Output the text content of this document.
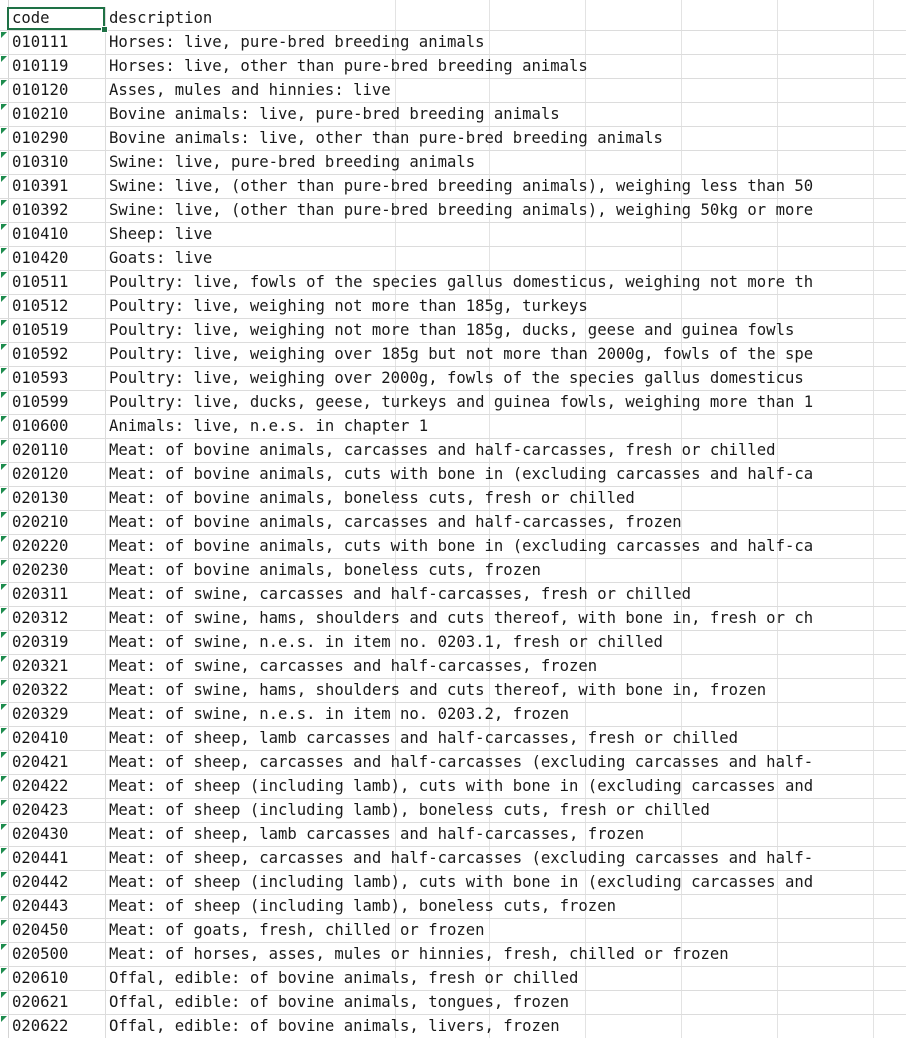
code	description
010111	Horses: live, pure-bred breeding animals
010119	Horses: live, other than pure-bred breeding animals
010120	Asses, mules and hinnies: live
010210	Bovine animals: live, pure-bred breeding animals
010290	Bovine animals: live, other than pure-bred breeding animals
010310	Swine: live, pure-bred breeding animals
010391	Swine: live, (other than pure-bred breeding animals), weighing less than 50
010392	Swine: live, (other than pure-bred breeding animals), weighing 50kg or more
010410	Sheep: live
010420	Goats: live
010511	Poultry: live, fowls of the species gallus domesticus, weighing not more th
010512	Poultry: live, weighing not more than 185g, turkeys
010519	Poultry: live, weighing not more than 185g, ducks, geese and guinea fowls
010592	Poultry: live, weighing over 185g but not more than 2000g, fowls of the spe
010593	Poultry: live, weighing over 2000g, fowls of the species gallus domesticus
010599	Poultry: live, ducks, geese, turkeys and guinea fowls, weighing more than 1
010600	Animals: live, n.e.s. in chapter 1
020110	Meat: of bovine animals, carcasses and half-carcasses, fresh or chilled
020120	Meat: of bovine animals, cuts with bone in (excluding carcasses and half-ca
020130	Meat: of bovine animals, boneless cuts, fresh or chilled
020210	Meat: of bovine animals, carcasses and half-carcasses, frozen
020220	Meat: of bovine animals, cuts with bone in (excluding carcasses and half-ca
020230	Meat: of bovine animals, boneless cuts, frozen
020311	Meat: of swine, carcasses and half-carcasses, fresh or chilled
020312	Meat: of swine, hams, shoulders and cuts thereof, with bone in, fresh or ch
020319	Meat: of swine, n.e.s. in item no. 0203.1, fresh or chilled
020321	Meat: of swine, carcasses and half-carcasses, frozen
020322	Meat: of swine, hams, shoulders and cuts thereof, with bone in, frozen
020329	Meat: of swine, n.e.s. in item no. 0203.2, frozen
020410	Meat: of sheep, lamb carcasses and half-carcasses, fresh or chilled
020421	Meat: of sheep, carcasses and half-carcasses (excluding carcasses and half-
020422	Meat: of sheep (including lamb), cuts with bone in (excluding carcasses and
020423	Meat: of sheep (including lamb), boneless cuts, fresh or chilled
020430	Meat: of sheep, lamb carcasses and half-carcasses, frozen
020441	Meat: of sheep, carcasses and half-carcasses (excluding carcasses and half-
020442	Meat: of sheep (including lamb), cuts with bone in (excluding carcasses and
020443	Meat: of sheep (including lamb), boneless cuts, frozen
020450	Meat: of goats, fresh, chilled or frozen
020500	Meat: of horses, asses, mules or hinnies, fresh, chilled or frozen
020610	Offal, edible: of bovine animals, fresh or chilled
020621	Offal, edible: of bovine animals, tongues, frozen
020622	Offal, edible: of bovine animals, livers, frozen
